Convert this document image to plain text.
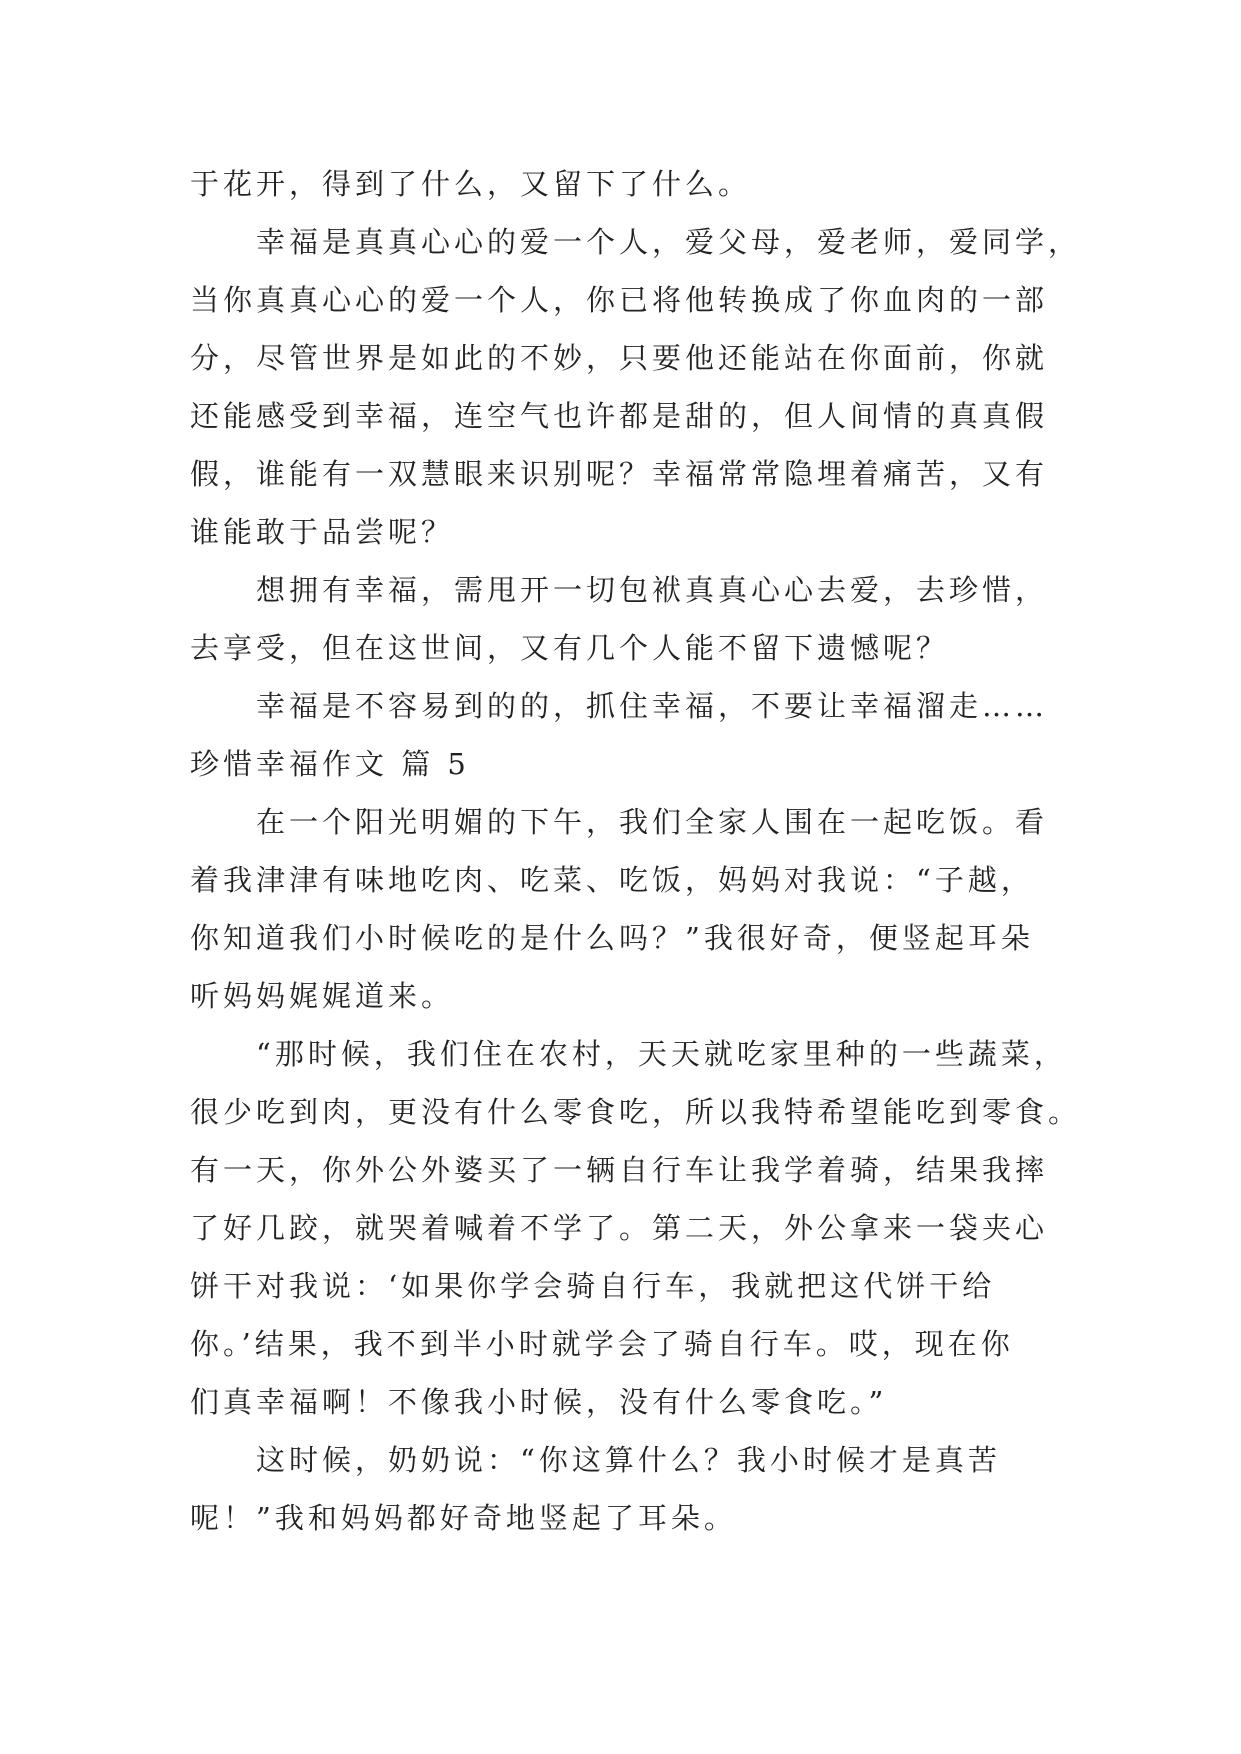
于花开，得到了什么，又留下了什么。
幸福是真真心心的爱一个人，爱父母，爱老师，爱同学，
当你真真心心的爱一个人，你已将他转换成了你血肉的一部
分，尽管世界是如此的不妙，只要他还能站在你面前，你就
还能感受到幸福，连空气也许都是甜的，但人间情的真真假
假，谁能有一双慧眼来识别呢？幸福常常隐埋着痛苦，又有
谁能敢于品尝呢？
想拥有幸福，需甩开一切包袱真真心心去爱，去珍惜，
去享受，但在这世间，又有几个人能不留下遗憾呢？
幸福是不容易到的的，抓住幸福，不要让幸福溜走……
珍惜幸福作文 篇 5
在一个阳光明媚的下午，我们全家人围在一起吃饭。看
着我津津有味地吃肉、吃菜、吃饭，妈妈对我说：“子越，
你知道我们小时候吃的是什么吗？”我很好奇，便竖起耳朵
听妈妈娓娓道来。
“那时候，我们住在农村，天天就吃家里种的一些蔬菜，
很少吃到肉，更没有什么零食吃，所以我特希望能吃到零食。
有一天，你外公外婆买了一辆自行车让我学着骑，结果我摔
了好几跤，就哭着喊着不学了。第二天，外公拿来一袋夹心
饼干对我说：‘如果你学会骑自行车，我就把这代饼干给
你。’结果，我不到半小时就学会了骑自行车。哎，现在你
们真幸福啊！不像我小时候，没有什么零食吃。”
这时候，奶奶说：“你这算什么？我小时候才是真苦
呢！”我和妈妈都好奇地竖起了耳朵。
